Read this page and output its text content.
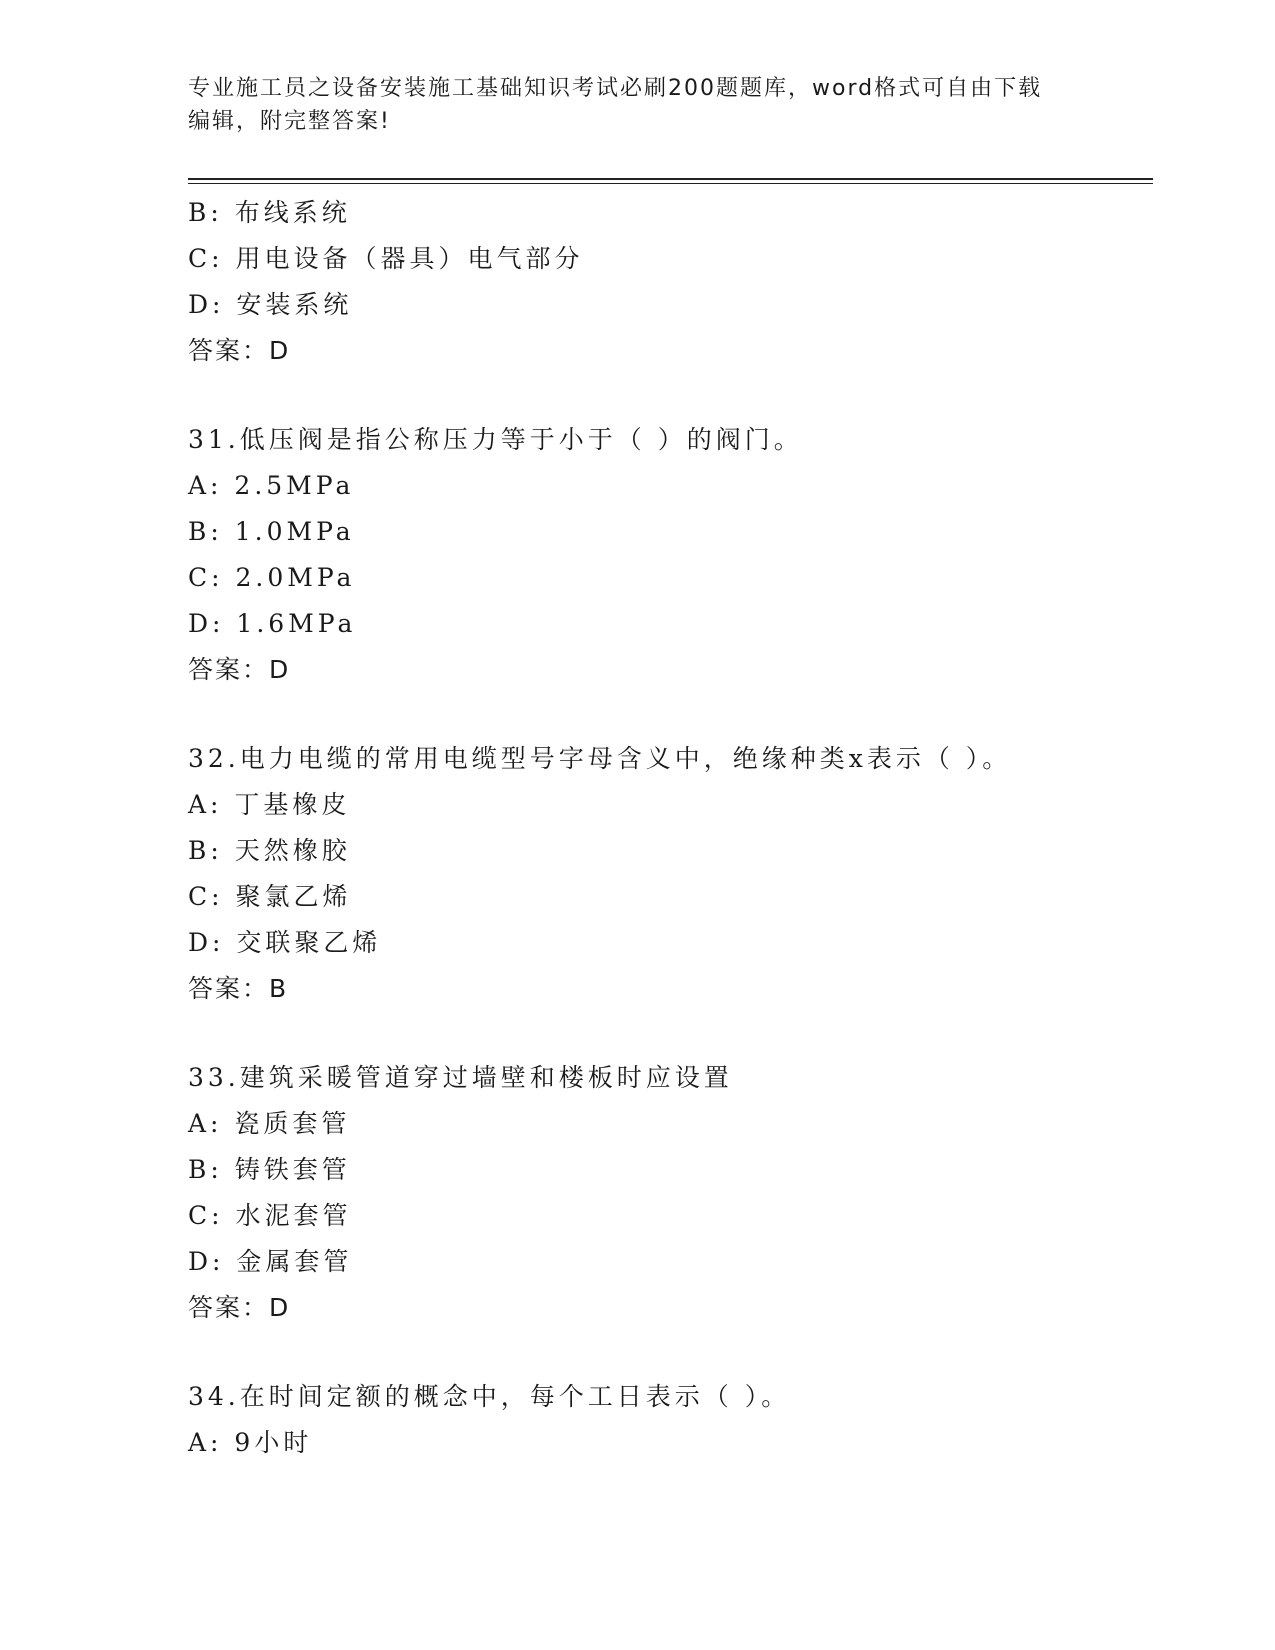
专业施工员之设备安装施工基础知识考试必刷200题题库，word格式可自由下载
编辑，附完整答案!
B: 布线系统
C: 用电设备（器具）电气部分
D: 安装系统
答案：D
31.低压阀是指公称压力等于小于（ ）的阀门。
A: 2.5MPa
B: 1.0MPa
C: 2.0MPa
D: 1.6MPa
答案：D
32.电力电缆的常用电缆型号字母含义中，绝缘种类x表示（ ）。
A: 丁基橡皮
B: 天然橡胶
C: 聚氯乙烯
D: 交联聚乙烯
答案：B
33.建筑采暖管道穿过墙壁和楼板时应设置
A: 瓷质套管
B: 铸铁套管
C: 水泥套管
D: 金属套管
答案：D
34.在时间定额的概念中，每个工日表示（ ）。
A: 9小时
